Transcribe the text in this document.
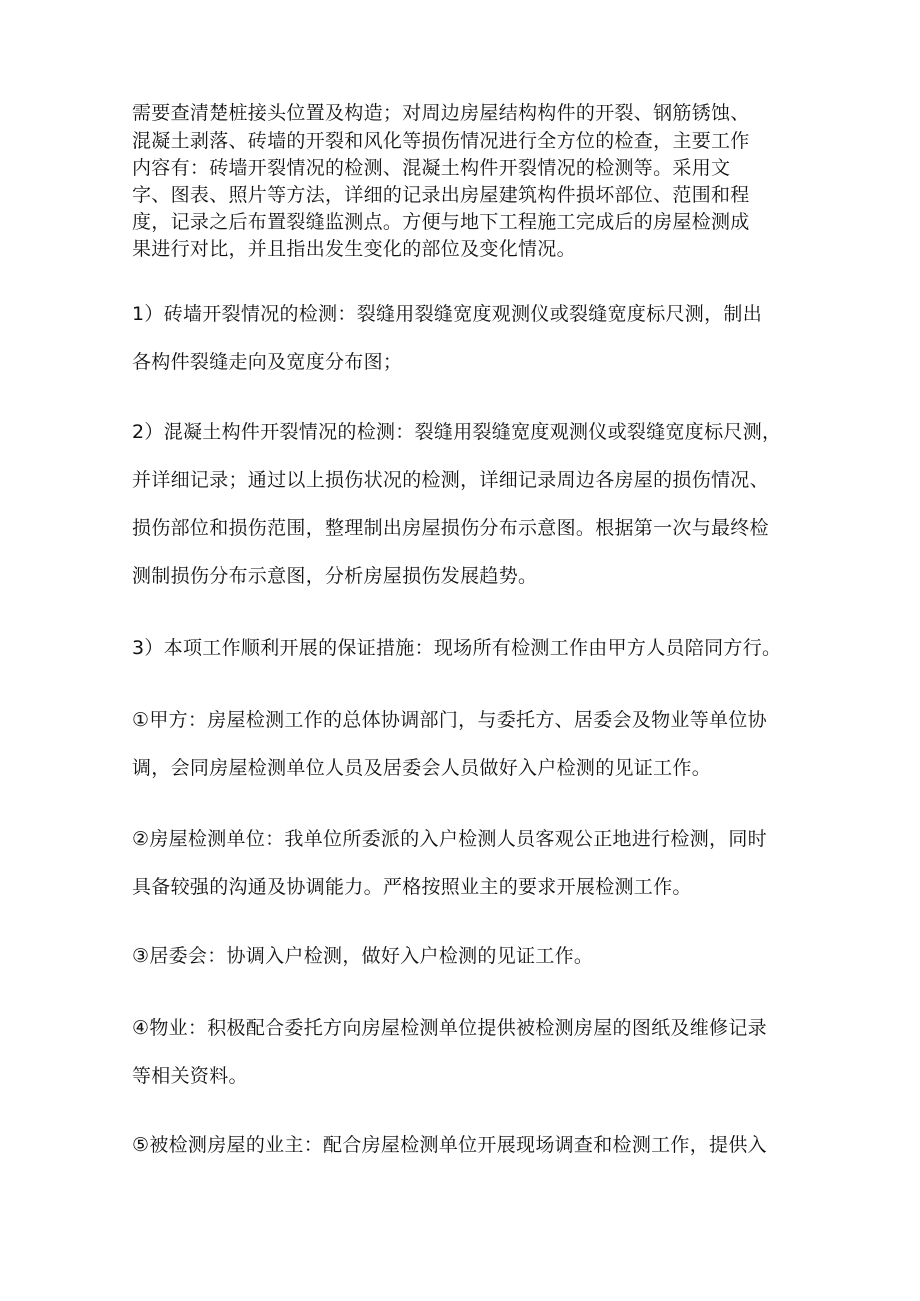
需要查清楚桩接头位置及构造；对周边房屋结构构件的开裂、钢筋锈蚀、
混凝土剥落、砖墙的开裂和风化等损伤情况进行全方位的检查，主要工作
内容有：砖墙开裂情况的检测、混凝土构件开裂情况的检测等。采用文
字、图表、照片等方法，详细的记录出房屋建筑构件损坏部位、范围和程
度，记录之后布置裂缝监测点。方便与地下工程施工完成后的房屋检测成
果进行对比，并且指出发生变化的部位及变化情况。
1）砖墙开裂情况的检测：裂缝用裂缝宽度观测仪或裂缝宽度标尺测，制出
各构件裂缝走向及宽度分布图；
2）混凝土构件开裂情况的检测：裂缝用裂缝宽度观测仪或裂缝宽度标尺测，
并详细记录；通过以上损伤状况的检测，详细记录周边各房屋的损伤情况、
损伤部位和损伤范围，整理制出房屋损伤分布示意图。根据第一次与最终检
测制损伤分布示意图，分析房屋损伤发展趋势。
3）本项工作顺利开展的保证措施：现场所有检测工作由甲方人员陪同方行。
①甲方：房屋检测工作的总体协调部门，与委托方、居委会及物业等单位协
调，会同房屋检测单位人员及居委会人员做好入户检测的见证工作。
②房屋检测单位：我单位所委派的入户检测人员客观公正地进行检测，同时
具备较强的沟通及协调能力。严格按照业主的要求开展检测工作。
③居委会：协调入户检测，做好入户检测的见证工作。
④物业：积极配合委托方向房屋检测单位提供被检测房屋的图纸及维修记录
等相关资料。
⑤被检测房屋的业主：配合房屋检测单位开展现场调查和检测工作，提供入
